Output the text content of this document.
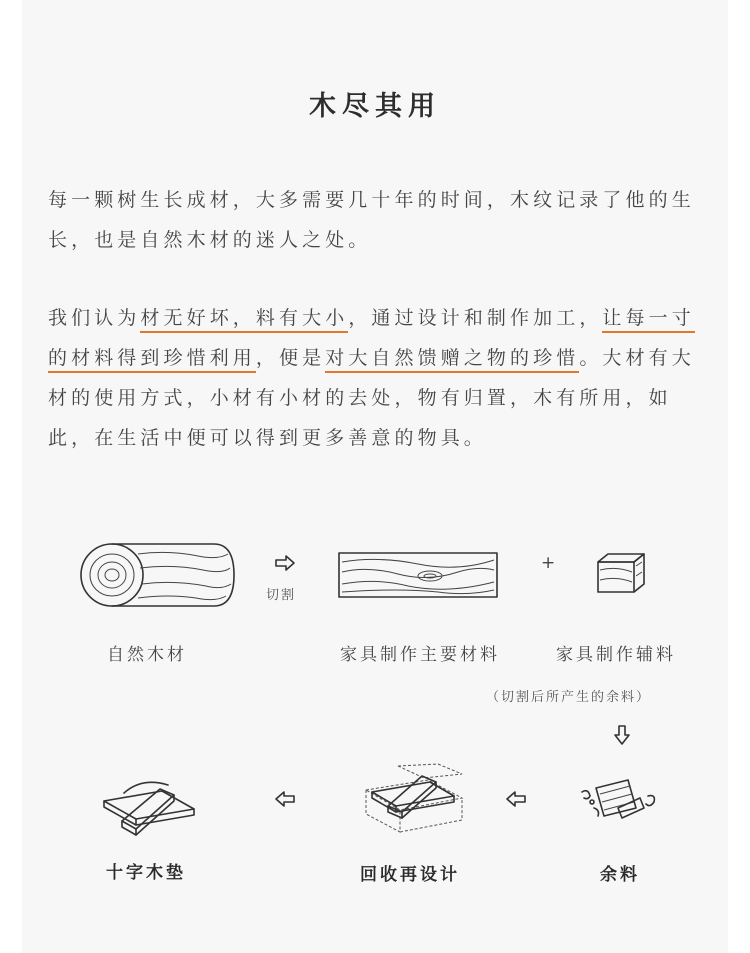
木尽其用
每一颗树生长成材，大多需要几十年的时间，木纹记录了他的生长，也是自然木材的迷人之处。
我们认为材无好坏，料有大小，通过设计和制作加工，让每一寸的材料得到珍惜利用，便是对大自然馈赠之物的珍惜。大材有大材的使用方式，小材有小材的去处，物有归置，木有所用，如此，在生活中便可以得到更多善意的物具。
切割
+
自然木材	家具制作主要材料	家具制作辅料
（切割后所产生的余料）
十字木垫	回收再设计	余料
